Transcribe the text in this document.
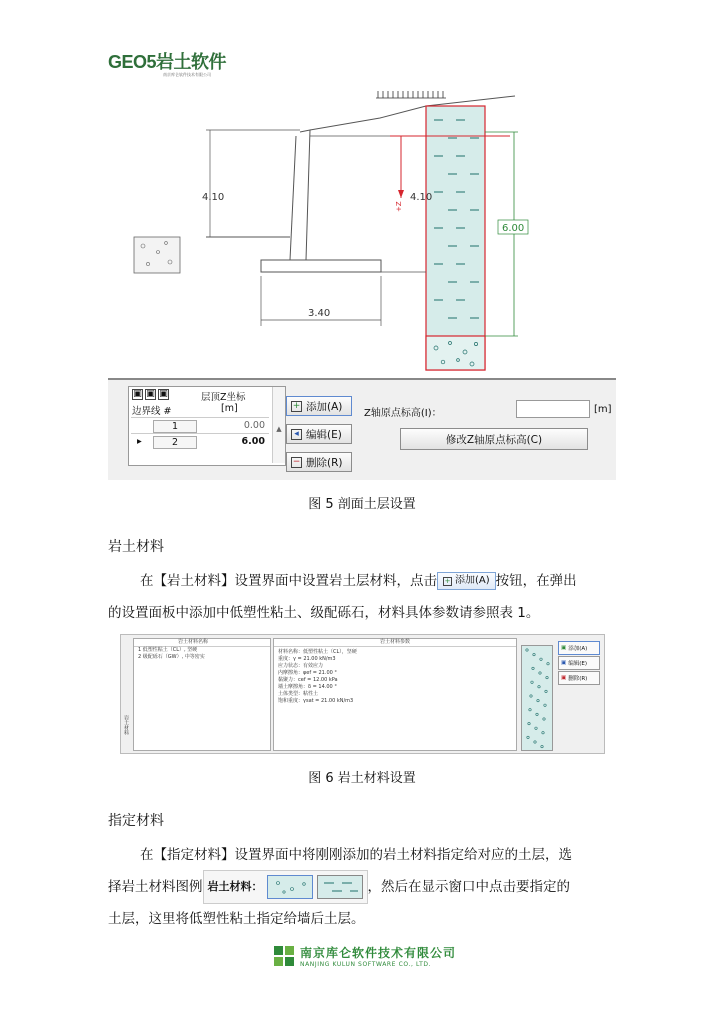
GEO5岩土软件
南京库仑软件技术有限公司
4.10
+Z
4.10
6.00
3.40
▣ ▣ ▣
边界线 #
层顶Z坐标
[m]
1	0.00
▸	2	6.00
▲
+ 添加(A)
◂ 编辑(E)
− 删除(R)
Z轴原点标高(I)：	[m]
修改Z轴原点标高(C)
图 5 剖面土层设置
岩土材料
在【岩土材料】设置界面中设置岩土层材料，点击 + 添加(A) 按钮，在弹出
的设置面板中添加中低塑性粘土、级配砾石，材料具体参数请参照表 1。
岩土材料
岩土材料名称
1 低塑性粘土（CL）, 坚硬
2 级配砾石（GW）, 中等密实
岩土材料参数
材料名称：低塑性粘土（CL），坚硬
重度：γ = 21.00 kN/m3
应力状态：有效应力
内摩擦角：φef = 21.00 °
黏聚力：cef = 12.00 kPa
墙土摩擦角：δ = 14.00 °
土体类型：粘性土
饱和重度：γsat = 21.00 kN/m3
▣ 添加(A)
▣ 编辑(E)
▣ 删除(R)
图 6 岩土材料设置
指定材料
在【指定材料】设置界面中将刚刚添加的岩土材料指定给对应的土层，选
择岩土材料图例 岩土材料：	，然后在显示窗口中点击要指定的
土层，这里将低塑性粘土指定给墙后土层。
南京库仑软件技术有限公司
NANJING KULUN SOFTWARE CO., LTD.
